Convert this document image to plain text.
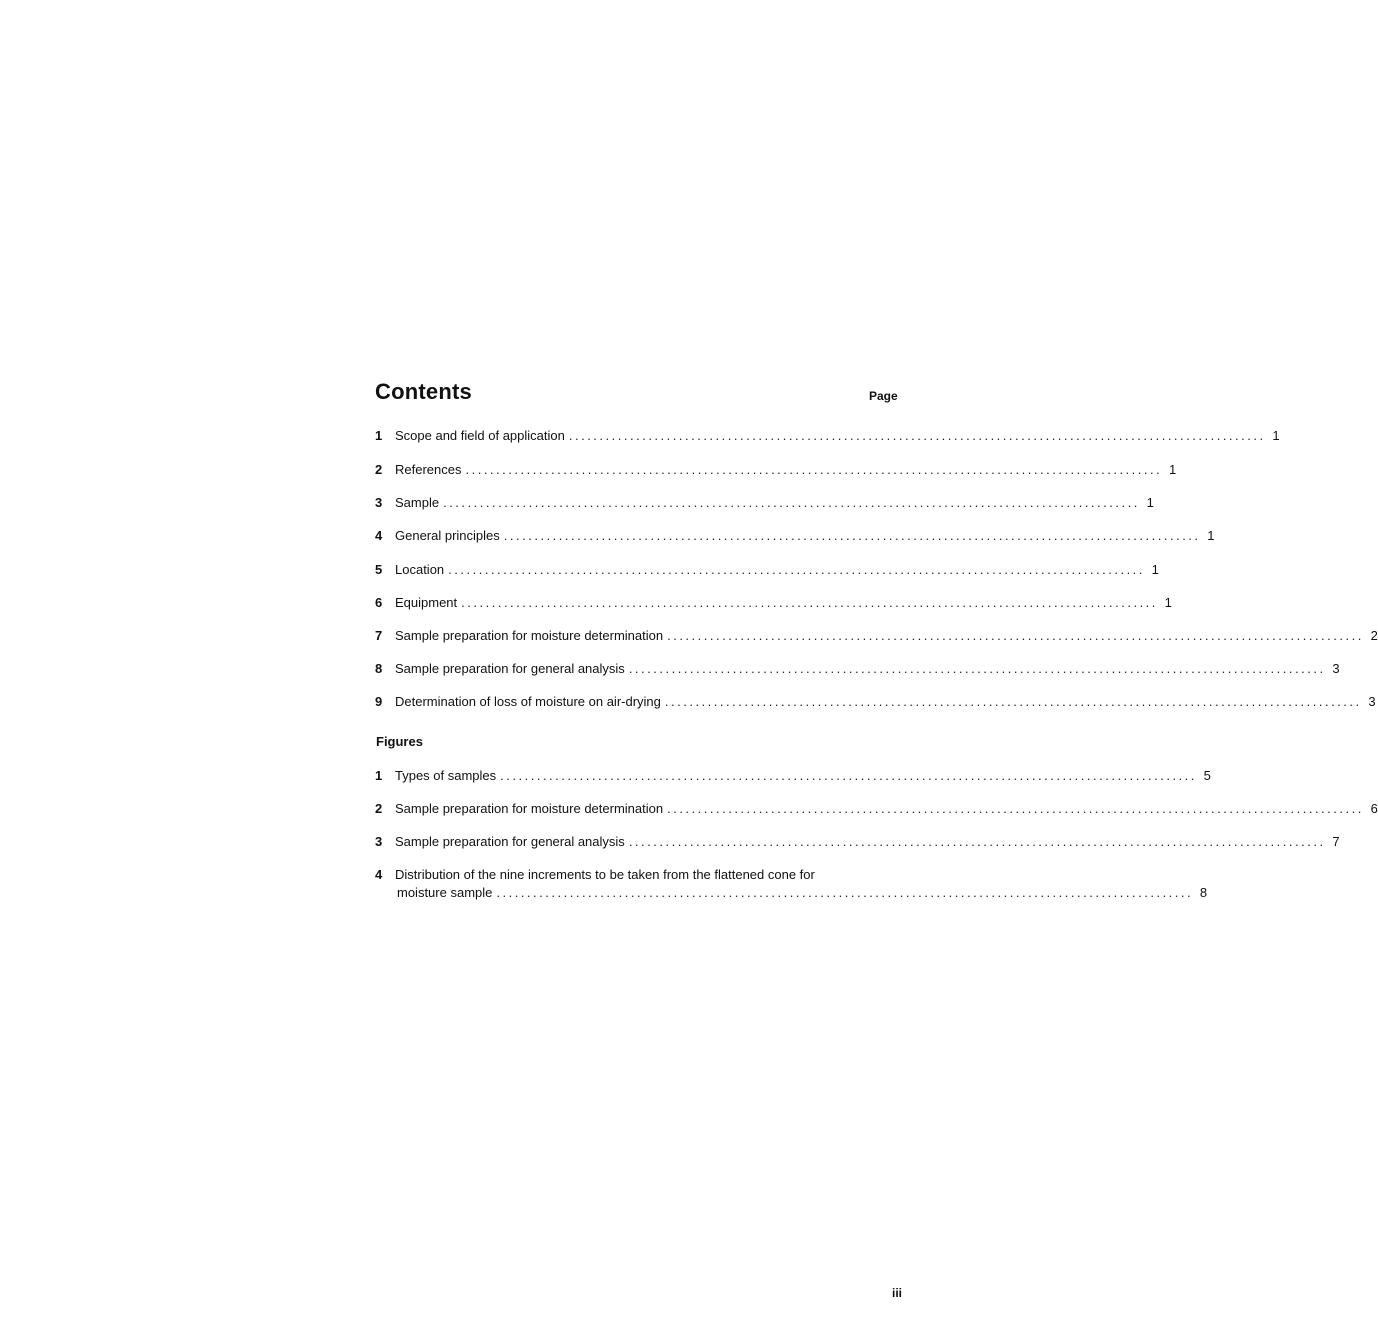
Contents	Page
1 Scope and field of application .................................................................................................................. 1
2 References .................................................................................................................. 1
3 Sample .................................................................................................................. 1
4 General principles .................................................................................................................. 1
5 Location .................................................................................................................. 1
6 Equipment .................................................................................................................. 1
7 Sample preparation for moisture determination .................................................................................................................. 2
8 Sample preparation for general analysis .................................................................................................................. 3
9 Determination of loss of moisture on air-drying .................................................................................................................. 3
Figures
1 Types of samples .................................................................................................................. 5
2 Sample preparation for moisture determination .................................................................................................................. 6
3 Sample preparation for general analysis .................................................................................................................. 7
4 Distribution of the nine increments to be taken from the flattened cone for
moisture sample .................................................................................................................. 8
iii
